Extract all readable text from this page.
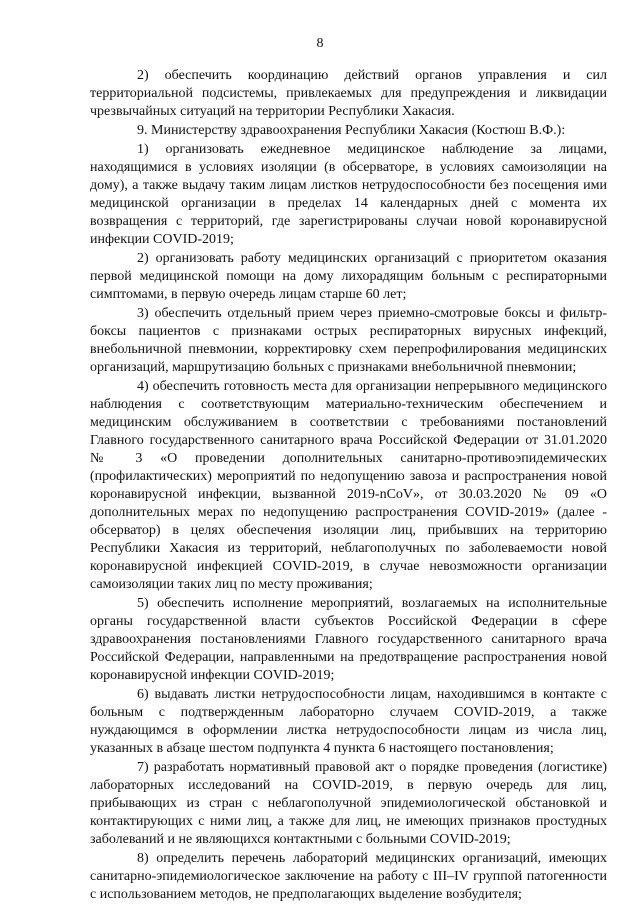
8

2) обеспечить координацию действий органов управления и сил территориальной подсистемы, привлекаемых для предупреждения и ликвидации чрезвычайных ситуаций на территории Республики Хакасия.

9. Министерству здравоохранения Республики Хакасия (Костюш В.Ф.):

1) организовать ежедневное медицинское наблюдение за лицами, находящимися в условиях изоляции (в обсерваторе, в условиях самоизоляции на дому), а также выдачу таким лицам листков нетрудоспособности без посещения ими медицинской организации в пределах 14 календарных дней с момента их возвращения с территорий, где зарегистрированы случаи новой коронавирусной инфекции COVID-2019;

2) организовать работу медицинских организаций с приоритетом оказания первой медицинской помощи на дому лихорадящим больным с респираторными симптомами, в первую очередь лицам старше 60 лет;

3) обеспечить отдельный прием через приемно-смотровые боксы и фильтр-боксы пациентов с признаками острых респираторных вирусных инфекций, внебольничной пневмонии, корректировку схем перепрофилирования медицинских организаций, маршрутизацию больных с признаками внебольничной пневмонии;

4) обеспечить готовность места для организации непрерывного медицинского наблюдения с соответствующим материально-техническим обеспечением и медицинским обслуживанием в соответствии с требованиями постановлений Главного государственного санитарного врача Российской Федерации от 31.01.2020 № 3 «О проведении дополнительных санитарно-противоэпидемических (профилактических) мероприятий по недопущению завоза и распространения новой коронавирусной инфекции, вызванной 2019-nCoV», от 30.03.2020 № 09 «О дополнительных мерах по недопущению распространения COVID-2019» (далее - обсерватор) в целях обеспечения изоляции лиц, прибывших на территорию Республики Хакасия из территорий, неблагополучных по заболеваемости новой коронавирусной инфекцией COVID-2019, в случае невозможности организации самоизоляции таких лиц по месту проживания;

5) обеспечить исполнение мероприятий, возлагаемых на исполнительные органы государственной власти субъектов Российской Федерации в сфере здравоохранения постановлениями Главного государственного санитарного врача Российской Федерации, направленными на предотвращение распространения новой коронавирусной инфекции COVID-2019;

6) выдавать листки нетрудоспособности лицам, находившимся в контакте с больным с подтвержденным лабораторно случаем COVID-2019, а также нуждающимся в оформлении листка нетрудоспособности лицам из числа лиц, указанных в абзаце шестом подпункта 4 пункта 6 настоящего постановления;

7) разработать нормативный правовой акт о порядке проведения (логистике) лабораторных исследований на COVID-2019, в первую очередь для лиц, прибывающих из стран с неблагополучной эпидемиологической обстановкой и контактирующих с ними лиц, а также для лиц, не имеющих признаков простудных заболеваний и не являющихся контактными с больными COVID-2019;

8) определить перечень лабораторий медицинских организаций, имеющих санитарно-эпидемиологическое заключение на работу с III–IV группой патогенности с использованием методов, не предполагающих выделение возбудителя;
